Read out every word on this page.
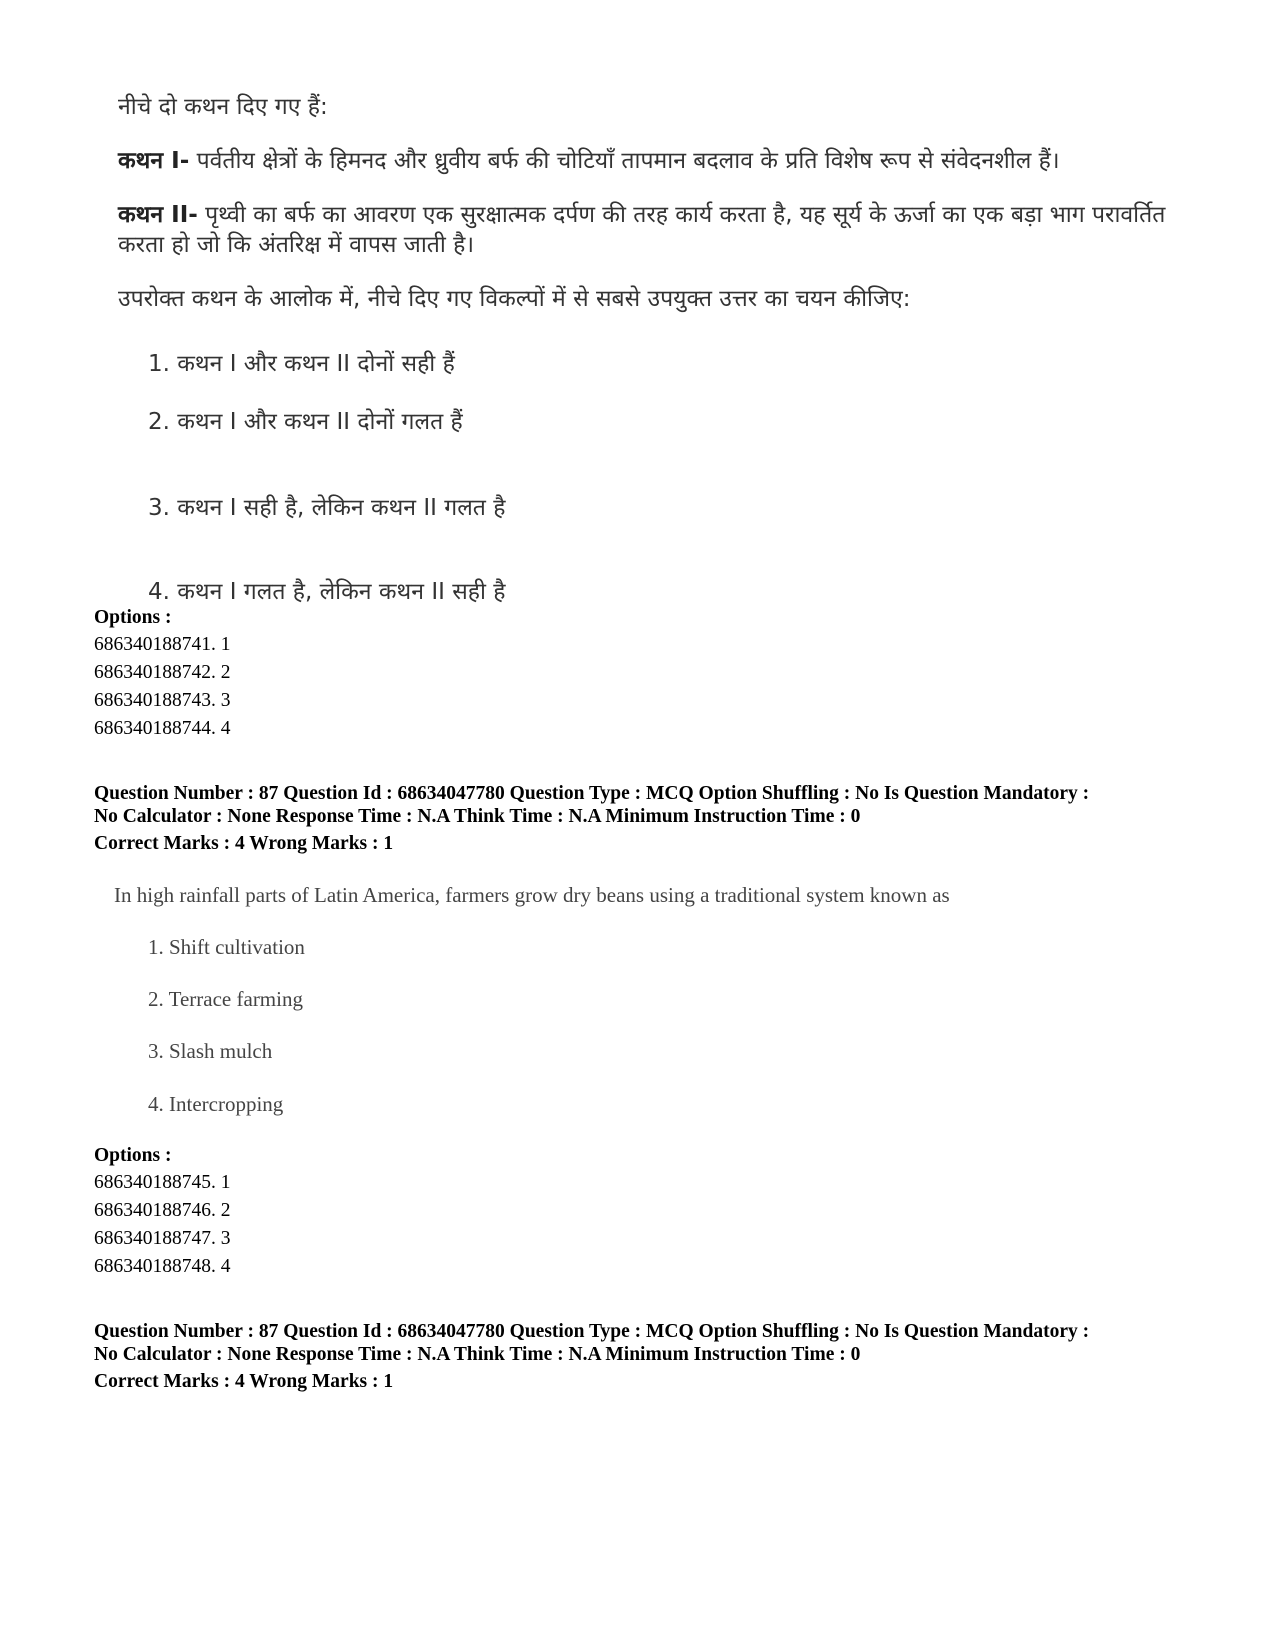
नीचे दो कथन दिए गए हैं:

कथन I- पर्वतीय क्षेत्रों के हिमनद और ध्रुवीय बर्फ की चोटियाँ तापमान बदलाव के प्रति विशेष रूप से संवेदनशील हैं।

कथन II- पृथ्वी का बर्फ का आवरण एक सुरक्षात्मक दर्पण की तरह कार्य करता है, यह सूर्य के ऊर्जा का एक बड़ा भाग परावर्तित करता हो जो कि अंतरिक्ष में वापस जाती है।

उपरोक्त कथन के आलोक में, नीचे दिए गए विकल्पों में से सबसे उपयुक्त उत्तर का चयन कीजिए:

1. कथन I और कथन II दोनों सही हैं
2. कथन I और कथन II दोनों गलत हैं
3. कथन I सही है, लेकिन कथन II गलत है
4. कथन I गलत है, लेकिन कथन II सही है
Options :
686340188741. 1
686340188742. 2
686340188743. 3
686340188744. 4
Question Number : 87 Question Id : 68634047780 Question Type : MCQ Option Shuffling : No Is Question Mandatory :
No Calculator : None Response Time : N.A Think Time : N.A Minimum Instruction Time : 0
Correct Marks : 4 Wrong Marks : 1
In high rainfall parts of Latin America, farmers grow dry beans using a traditional system known as
1. Shift cultivation
2. Terrace farming
3. Slash mulch
4. Intercropping
Options :
686340188745. 1
686340188746. 2
686340188747. 3
686340188748. 4
Question Number : 87 Question Id : 68634047780 Question Type : MCQ Option Shuffling : No Is Question Mandatory :
No Calculator : None Response Time : N.A Think Time : N.A Minimum Instruction Time : 0
Correct Marks : 4 Wrong Marks : 1
